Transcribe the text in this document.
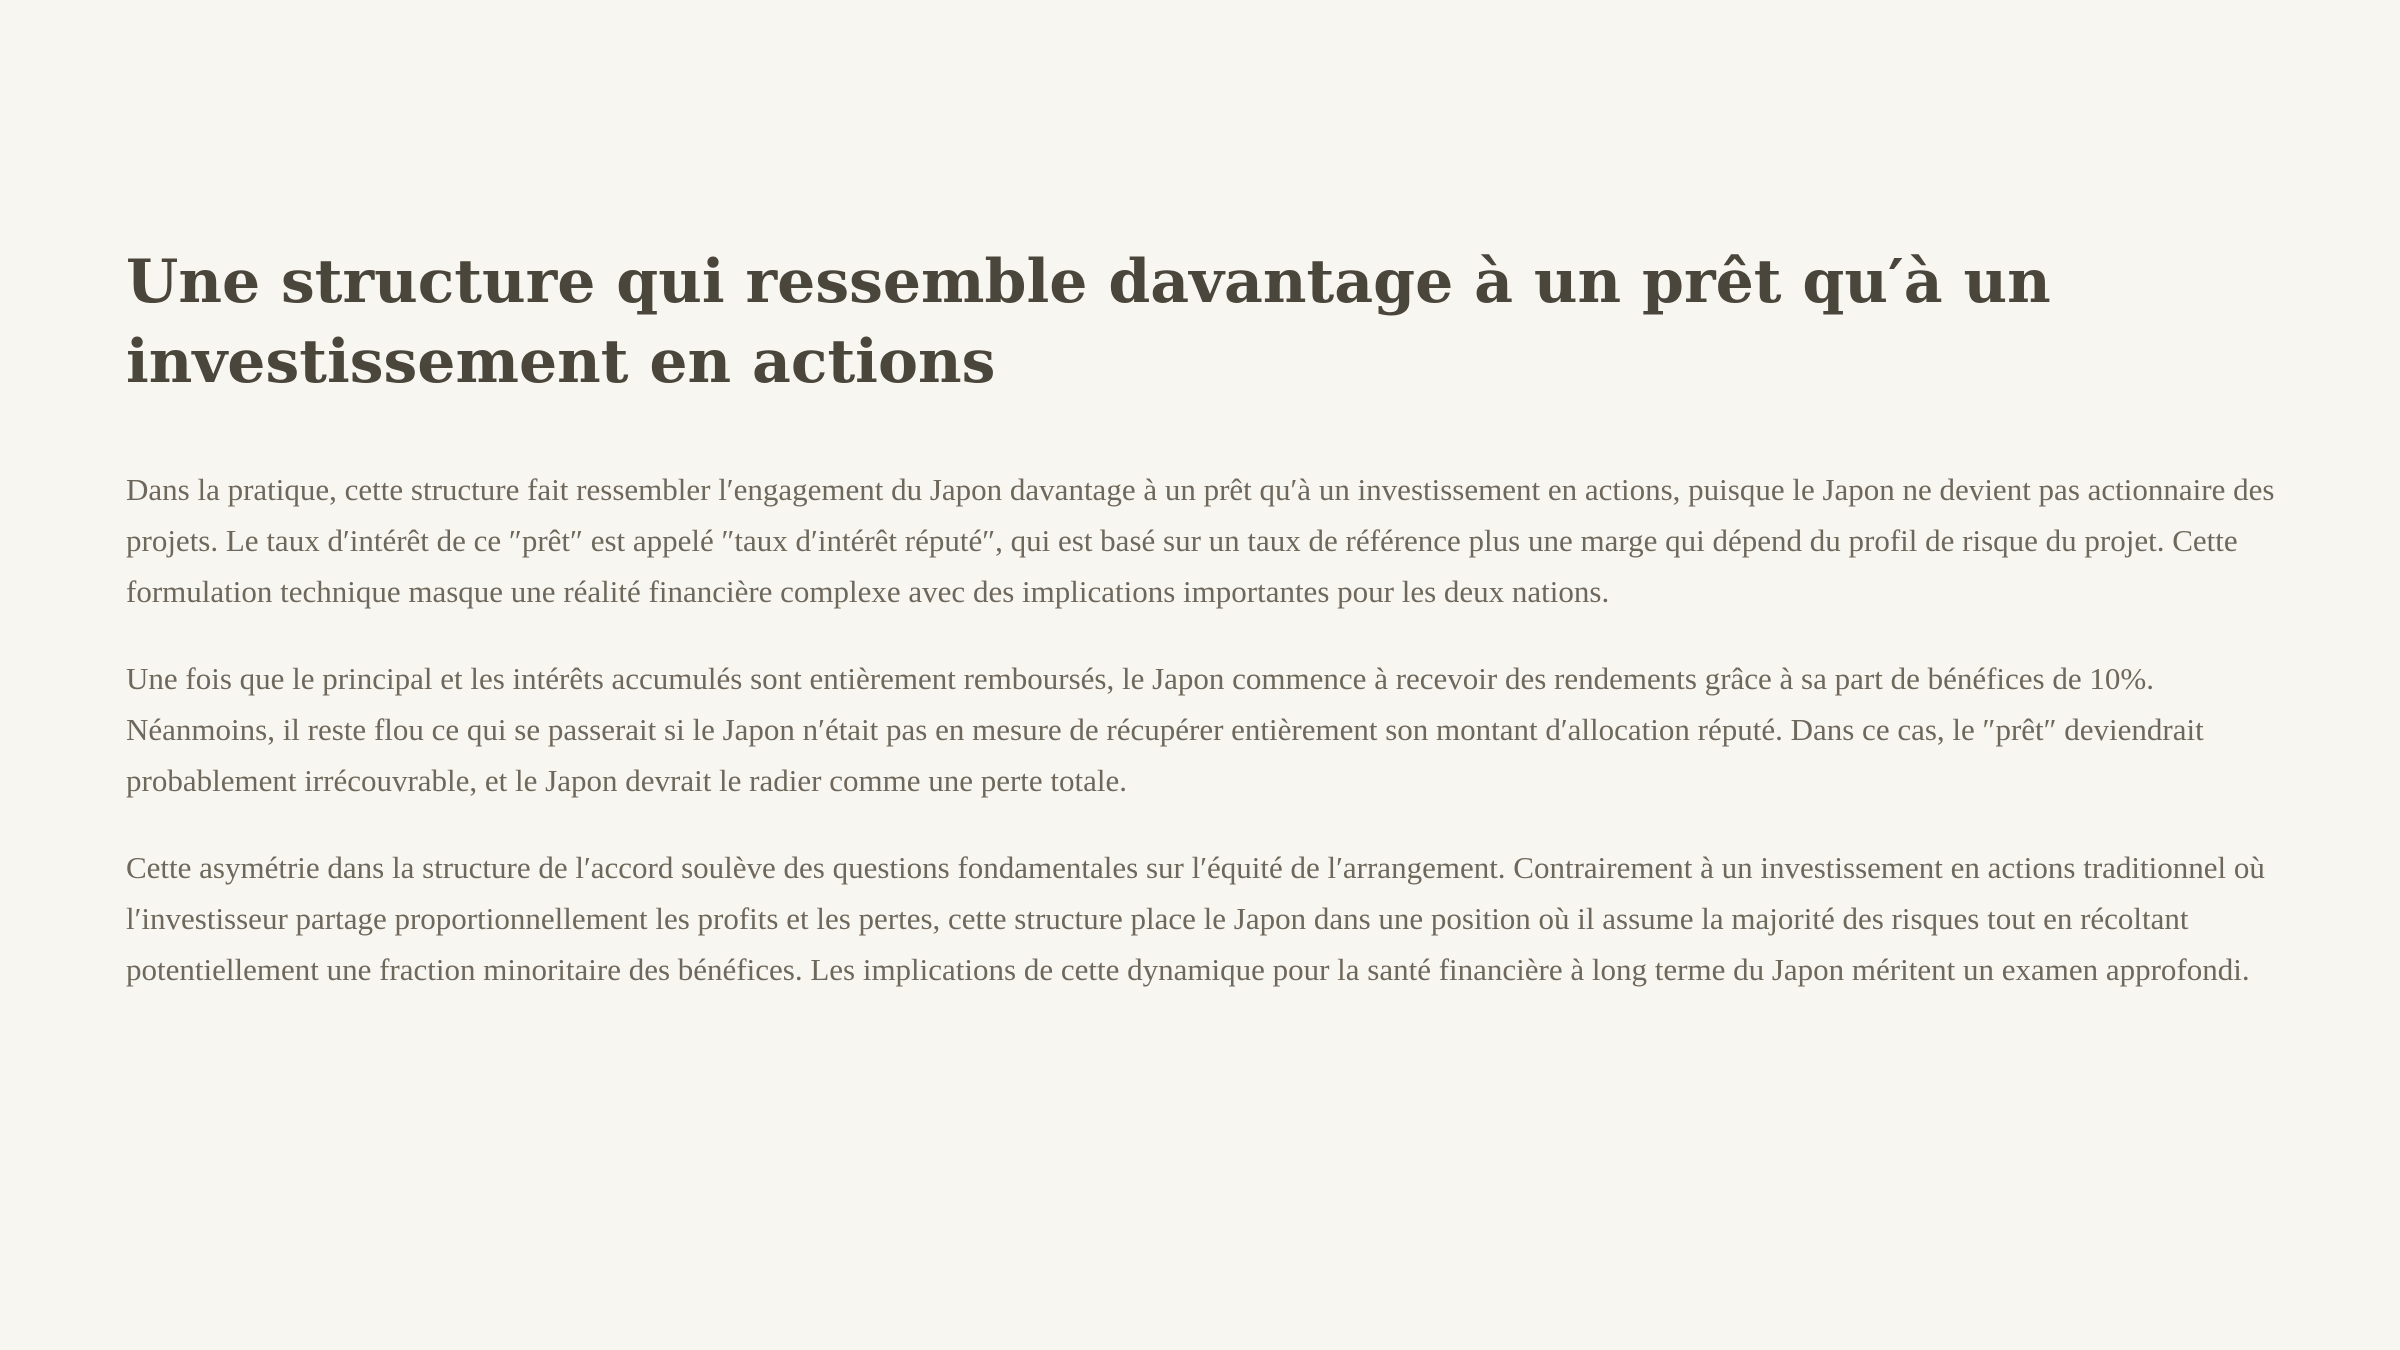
Une structure qui ressemble davantage à un prêt qu′à un investissement en actions

Dans la pratique, cette structure fait ressembler l′engagement du Japon davantage à un prêt qu′à un investissement en actions, puisque le Japon ne devient pas actionnaire des projets. Le taux d′intérêt de ce ″prêt″ est appelé ″taux d′intérêt réputé″, qui est basé sur un taux de référence plus une marge qui dépend du profil de risque du projet. Cette formulation technique masque une réalité financière complexe avec des implications importantes pour les deux nations.

Une fois que le principal et les intérêts accumulés sont entièrement remboursés, le Japon commence à recevoir des rendements grâce à sa part de bénéfices de 10%. Néanmoins, il reste flou ce qui se passerait si le Japon n′était pas en mesure de récupérer entièrement son montant d′allocation réputé. Dans ce cas, le ″prêt″ deviendrait probablement irrécouvrable, et le Japon devrait le radier comme une perte totale.

Cette asymétrie dans la structure de l′accord soulève des questions fondamentales sur l′équité de l′arrangement. Contrairement à un investissement en actions traditionnel où l′investisseur partage proportionnellement les profits et les pertes, cette structure place le Japon dans une position où il assume la majorité des risques tout en récoltant potentiellement une fraction minoritaire des bénéfices. Les implications de cette dynamique pour la santé financière à long terme du Japon méritent un examen approfondi.
